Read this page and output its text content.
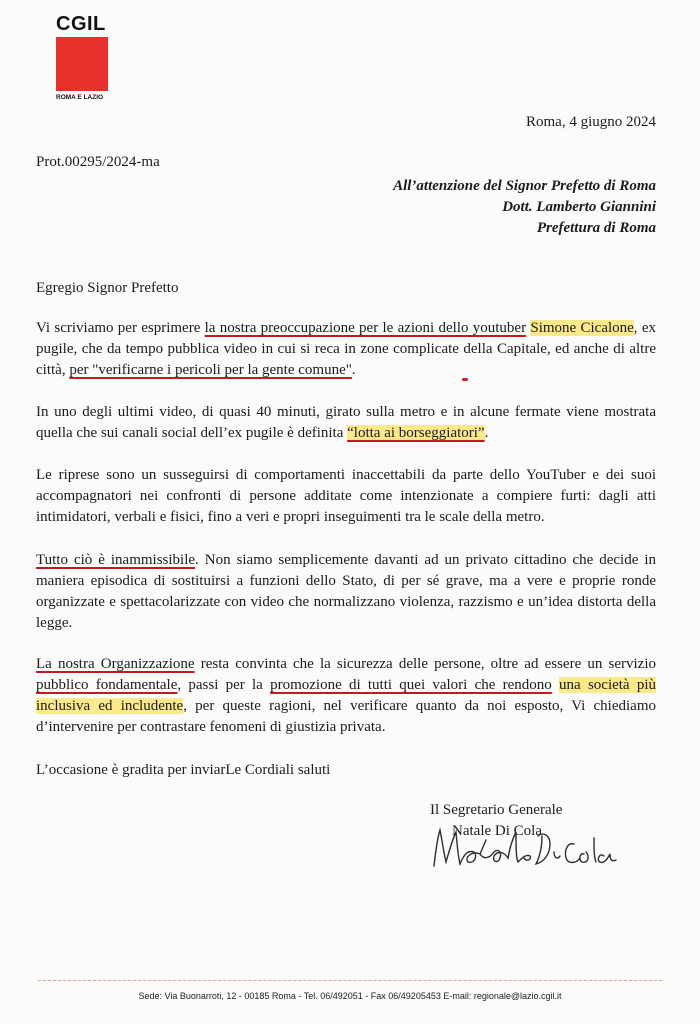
CGIL
ROMA E LAZIO
Roma, 4 giugno 2024
Prot.00295/2024-ma
All’attenzione del Signor Prefetto di Roma
Dott. Lamberto Giannini
Prefettura di Roma
Egregio Signor Prefetto
Vi scriviamo per esprimere la nostra preoccupazione per le azioni dello youtuber Simone Cicalone, ex pugile, che da tempo pubblica video in cui si reca in zone complicate della Capitale, ed anche di altre città, per "verificarne i pericoli per la gente comune".
In uno degli ultimi video, di quasi 40 minuti, girato sulla metro e in alcune fermate viene mostrata quella che sui canali social dell’ex pugile è definita “lotta ai borseggiatori”.
Le riprese sono un susseguirsi di comportamenti inaccettabili da parte dello YouTuber e dei suoi accompagnatori nei confronti di persone additate come intenzionate a compiere furti: dagli atti intimidatori, verbali e fisici, fino a veri e propri inseguimenti tra le scale della metro.
Tutto ciò è inammissibile. Non siamo semplicemente davanti ad un privato cittadino che decide in maniera episodica di sostituirsi a funzioni dello Stato, di per sé grave, ma a vere e proprie ronde organizzate e spettacolarizzate con video che normalizzano violenza, razzismo e un’idea distorta della legge.
La nostra Organizzazione resta convinta che la sicurezza delle persone, oltre ad essere un servizio pubblico fondamentale, passi per la promozione di tutti quei valori che rendono una società più inclusiva ed includente, per queste ragioni, nel verificare quanto da noi esposto, Vi chiediamo d’intervenire per contrastare fenomeni di giustizia privata.
L’occasione è gradita per inviarLe Cordiali saluti
Il Segretario Generale
Natale Di Cola
Sede: Via Buonarroti, 12 - 00185 Roma - Tel. 06/492051 - Fax 06/49205453 E-mail: regionale@lazio.cgil.it
